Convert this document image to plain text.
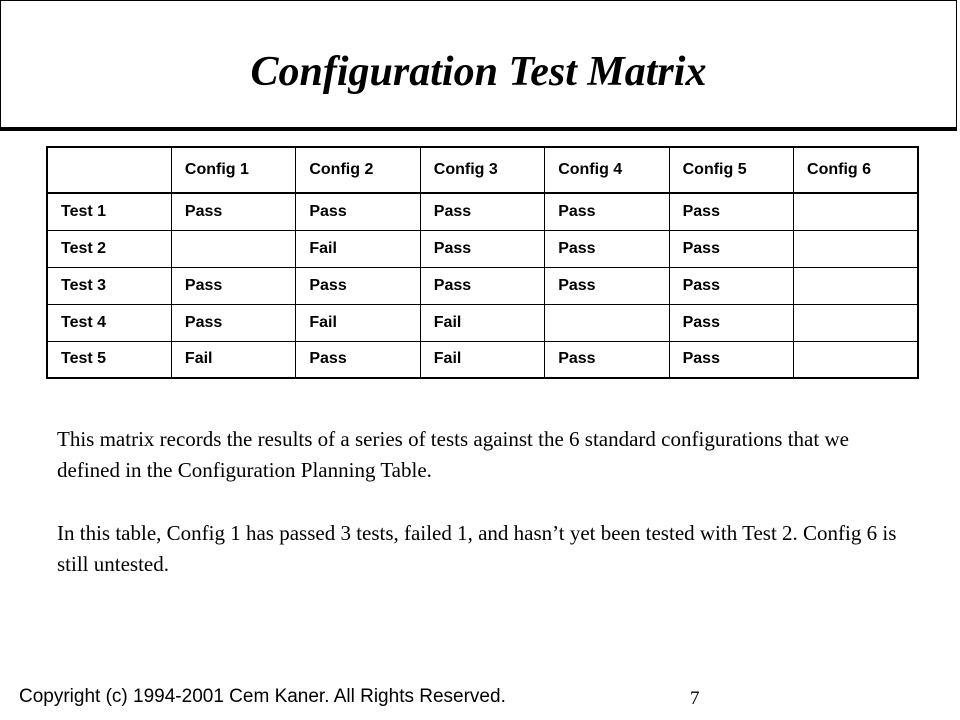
Configuration Test Matrix
	Config 1	Config 2	Config 3	Config 4	Config 5	Config 6
Test 1	Pass	Pass	Pass	Pass	Pass	
Test 2		Fail	Pass	Pass	Pass	
Test 3	Pass	Pass	Pass	Pass	Pass	
Test 4	Pass	Fail	Fail		Pass	
Test 5	Fail	Pass	Fail	Pass	Pass	

This matrix records the results of a series of tests against the 6 standard configurations that we defined in the Configuration Planning Table.

In this table, Config 1 has passed 3 tests, failed 1, and hasn’t yet been tested with Test 2. Config 6 is still untested.

Copyright (c) 1994-2001 Cem Kaner. All Rights Reserved.	7
